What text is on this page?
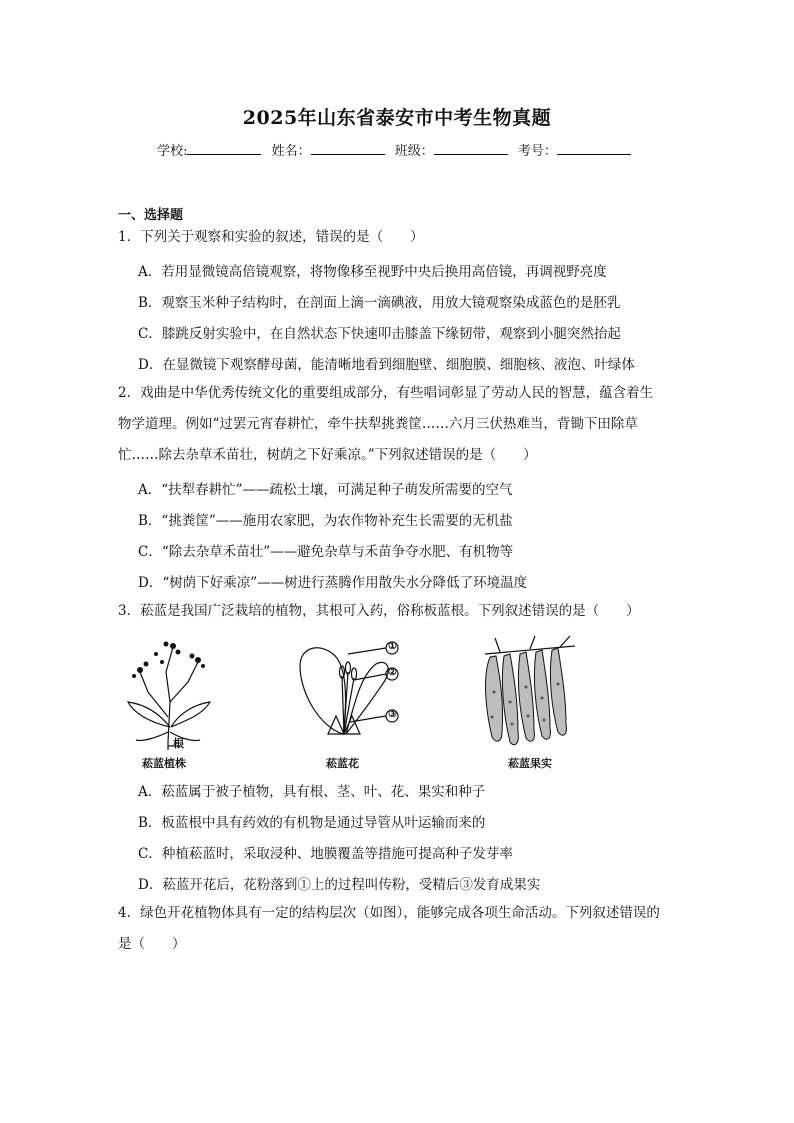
2025年山东省泰安市中考生物真题
学校:	姓名：	班级：	考号：
一、选择题
1．下列关于观察和实验的叙述，错误的是（　　）
A．若用显微镜高倍镜观察，将物像移至视野中央后换用高倍镜，再调视野亮度
B．观察玉米种子结构时，在剖面上滴一滴碘液，用放大镜观察染成蓝色的是胚乳
C．膝跳反射实验中，在自然状态下快速叩击膝盖下缘韧带，观察到小腿突然抬起
D．在显微镜下观察酵母菌，能清晰地看到细胞壁、细胞膜、细胞核、液泡、叶绿体
2．戏曲是中华优秀传统文化的重要组成部分，有些唱词彰显了劳动人民的智慧，蕴含着生
物学道理。例如“过罢元宵春耕忙，牵牛扶犁挑粪筐……六月三伏热难当，背锄下田除草
忙……除去杂草禾苗壮，树荫之下好乘凉。”下列叙述错误的是（　　）
A．“扶犁春耕忙”——疏松土壤，可满足种子萌发所需要的空气
B．“挑粪筐”——施用农家肥，为农作物补充生长需要的无机盐
C．“除去杂草禾苗壮”——避免杂草与禾苗争夺水肥、有机物等
D．“树荫下好乘凉”——树进行蒸腾作用散失水分降低了环境温度
3．菘蓝是我国广泛栽培的植物，其根可入药，俗称板蓝根。下列叙述错误的是（　　）
根
菘蓝植株
①
②
③
菘蓝花	菘蓝果实
A．菘蓝属于被子植物，具有根、茎、叶、花、果实和种子
B．板蓝根中具有药效的有机物是通过导管从叶运输而来的
C．种植菘蓝时，采取浸种、地膜覆盖等措施可提高种子发芽率
D．菘蓝开花后，花粉落到①上的过程叫传粉，受精后③发育成果实
4．绿色开花植物体具有一定的结构层次（如图），能够完成各项生命活动。下列叙述错误的
是（　　）
